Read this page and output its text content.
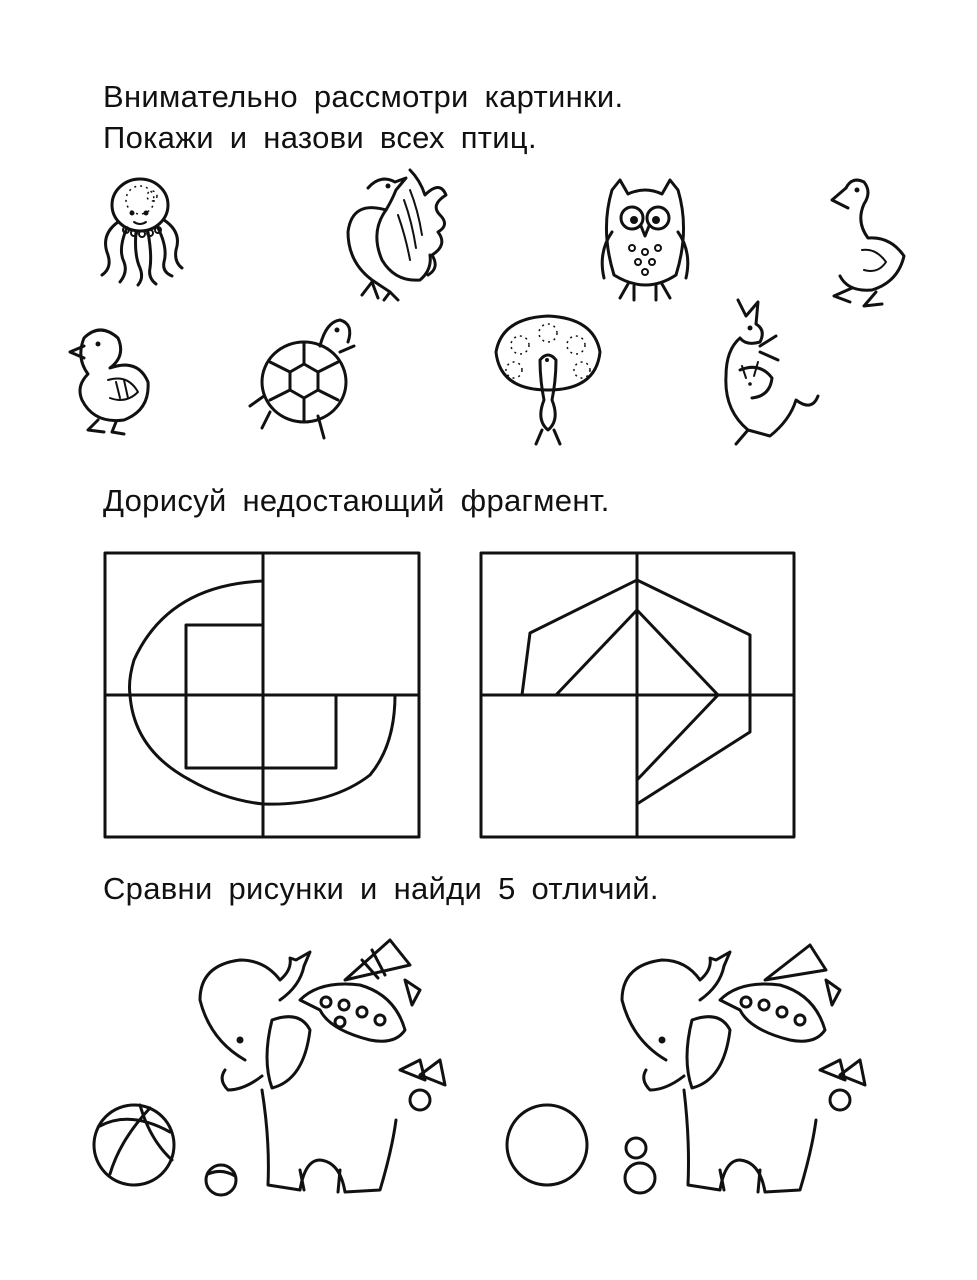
Внимательно рассмотри картинки.
Покажи и назови всех птиц.
Дорисуй недостающий фрагмент.
Сравни рисунки и найди 5 отличий.
